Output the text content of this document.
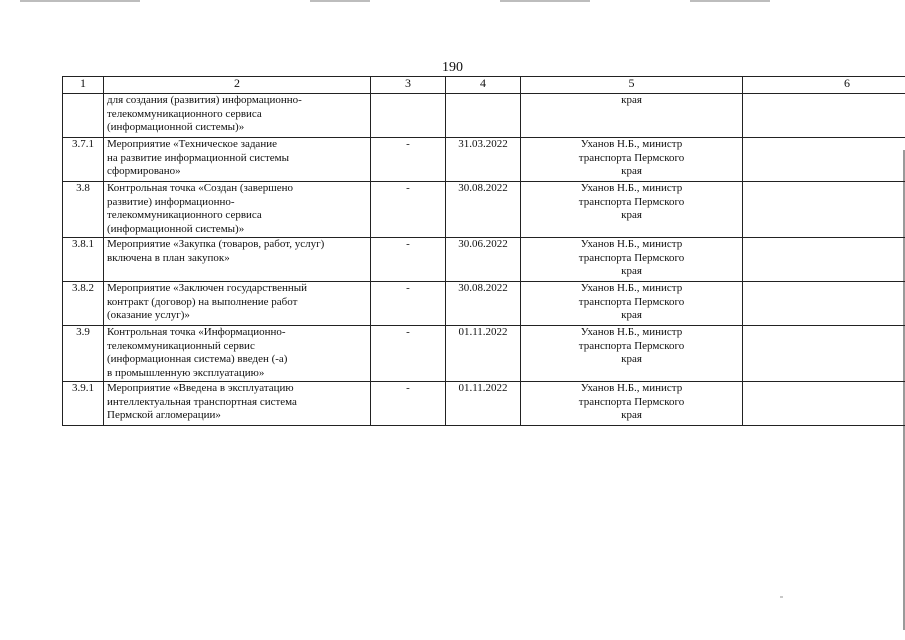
190
1	2	3	4	5	6
	для создания (развития) информационно-
телекоммуникационного сервиса
(информационной системы)»			края	
3.7.1	Мероприятие «Техническое задание
на развитие информационной системы
сформировано»	-	31.03.2022	Уханов Н.Б., министр
транспорта Пермского
края	
3.8	Контрольная точка «Создан (завершено
развитие) информационно-
телекоммуникационного сервиса
(информационной системы)»	-	30.08.2022	Уханов Н.Б., министр
транспорта Пермского
края	
3.8.1	Мероприятие «Закупка (товаров, работ, услуг)
включена в план закупок»	-	30.06.2022	Уханов Н.Б., министр
транспорта Пермского
края	
3.8.2	Мероприятие «Заключен государственный
контракт (договор) на выполнение работ
(оказание услуг)»	-	30.08.2022	Уханов Н.Б., министр
транспорта Пермского
края	
3.9	Контрольная точка «Информационно-
телекоммуникационный сервис
(информационная система) введен (-а)
в промышленную эксплуатацию»	-	01.11.2022	Уханов Н.Б., министр
транспорта Пермского
края	
3.9.1	Мероприятие «Введена в эксплуатацию
интеллектуальная транспортная система
Пермской агломерации»	-	01.11.2022	Уханов Н.Б., министр
транспорта Пермского
края	
